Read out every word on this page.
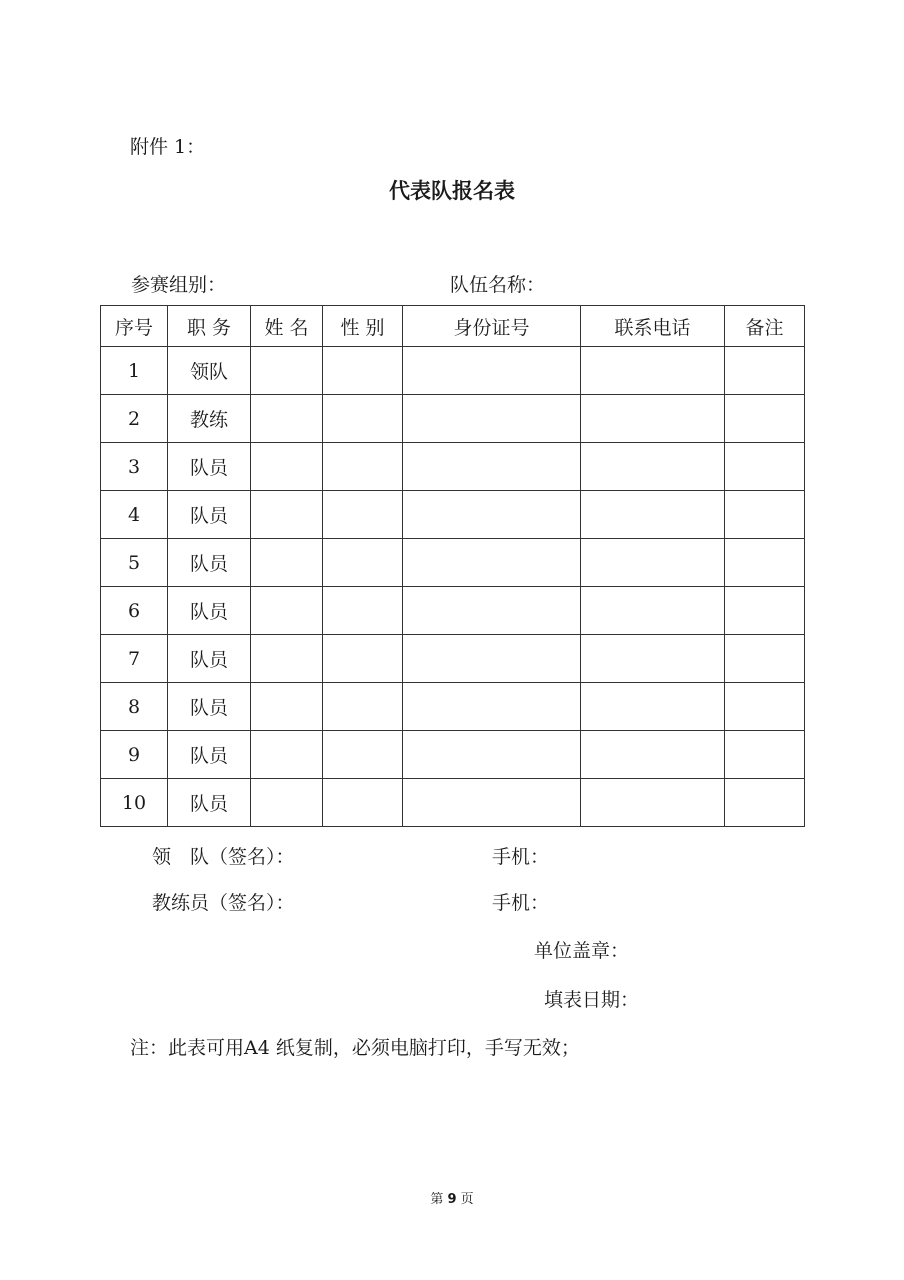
附件 1：
代表队报名表
参赛组别：	队伍名称：
序号	职 务	姓 名	性 别	身份证号	联系电话	备注
1	领队					
2	教练					
3	队员					
4	队员					
5	队员					
6	队员					
7	队员					
8	队员					
9	队员					
10	队员					
领　队（签名）：	手机：
教练员（签名）：	手机：
单位盖章：
填表日期：
注：此表可用A4 纸复制，必须电脑打印，手写无效；
第 9 页
